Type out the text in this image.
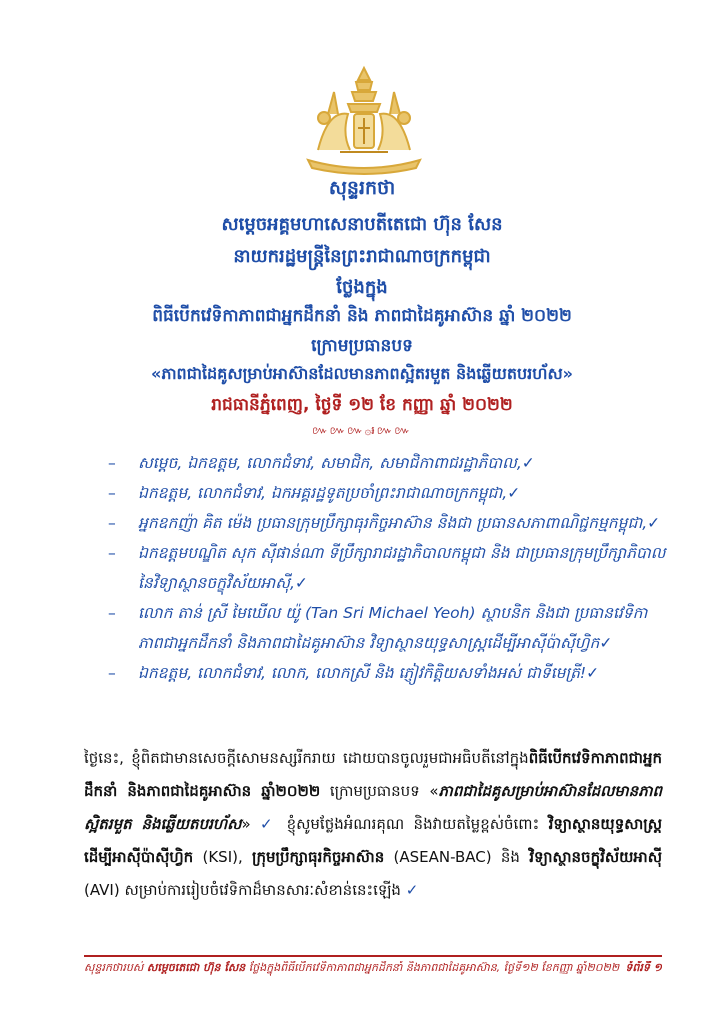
សុន្ទរកថា
សម្តេចអគ្គមហាសេនាបតីតេជោ ហ៊ុន សែន
នាយករដ្ឋមន្ត្រីនៃព្រះរាជាណាចក្រកម្ពុជា
ថ្លែងក្នុង
ពិធីបើកវេទិកាភាពជាអ្នកដឹកនាំ និង ភាពជាដៃគូអាស៊ាន ឆ្នាំ ២០២២
ក្រោមប្រធានបទ
«ភាពជាដៃគូសម្រាប់អាស៊ានដែលមានភាពស្អិតរមួត និងឆ្លើយតបរហ័ស»
រាជធានីភ្នំពេញ, ថ្ងៃទី ១២ ខែ កញ្ញា ឆ្នាំ ២០២២
៚៚៚۞៛៚៚
– សម្តេច, ឯកឧត្តម, លោកជំទាវ, សមាជិក, សមាជិកាពាជរដ្ឋាភិបាល,✓
– ឯកឧត្តម, លោកជំទាវ, ឯកអគ្គរដ្ឋទូតប្រចាំព្រះរាជាណាចក្រកម្ពុជា,✓
– អ្នកឧកញ៉ា គិត ម៉េង ប្រធានក្រុមប្រឹក្សាធុរកិច្ចអាស៊ាន និងជា ប្រធានសភាពាណិជ្ជកម្មកម្ពុជា,✓
– ឯកឧត្តមបណ្ឌិត សុក ស៊ីផាន់ណា ទីប្រឹក្សារាជរដ្ឋាភិបាលកម្ពុជា និង ជាប្រធានក្រុមប្រឹក្សាភិបាលនៃវិទ្យាស្ថានចក្ខុវិស័យអាស៊ី,✓
– លោក តាន់ ស្រី មៃឃើល យ៉ូ (Tan Sri Michael Yeoh) ស្ថាបនិក និងជា ប្រធានវេទិកាភាពជាអ្នកដឹកនាំ និងភាពជាដៃគូអាស៊ាន វិទ្យាស្ថានយុទ្ធសាស្ត្រដើម្បីអាស៊ីប៉ាស៊ីហ្វិក✓
– ឯកឧត្តម, លោកជំទាវ, លោក, លោកស្រី និង ភ្ញៀវកិត្តិយសទាំងអស់ ជាទីមេត្រី!✓
ថ្ងៃនេះ, ខ្ញុំពិតជាមានសេចក្តីសោមនស្សរីករាយ ដោយបានចូលរួមជាអធិបតីនៅក្នុងពិធីបើកវេទិកាភាពជាអ្នកដឹកនាំ និងភាពជាដៃគូអាស៊ាន ឆ្នាំ២០២២ ក្រោមប្រធានបទ «ភាពជាដៃគូសម្រាប់អាស៊ានដែលមានភាពស្អិតរមួត និងឆ្លើយតបរហ័ស» ✓ ខ្ញុំសូមថ្លែងអំណរគុណ និងវាយតម្លៃខ្ពស់ចំពោះ វិទ្យាស្ថានយុទ្ធសាស្ត្រដើម្បីអាស៊ីប៉ាស៊ីហ្វិក (KSI), ក្រុមប្រឹក្សាធុរកិច្ចអាស៊ាន (ASEAN-BAC) និង វិទ្យាស្ថានចក្ខុវិស័យអាស៊ី (AVI) សម្រាប់ការរៀបចំវេទិកាដ៏មានសារៈសំខាន់នេះឡើង ✓
សុន្ទរកថារបស់ សម្តេចតេជោ ហ៊ុន សែន ថ្លែងក្នុងពិធីបើកវេទិកាភាពជាអ្នកដឹកនាំ និងភាពជាដៃគូអាស៊ាន, ថ្ងៃទី១២ ខែកញ្ញា ឆ្នាំ២០២២ ទំព័រទី ១
